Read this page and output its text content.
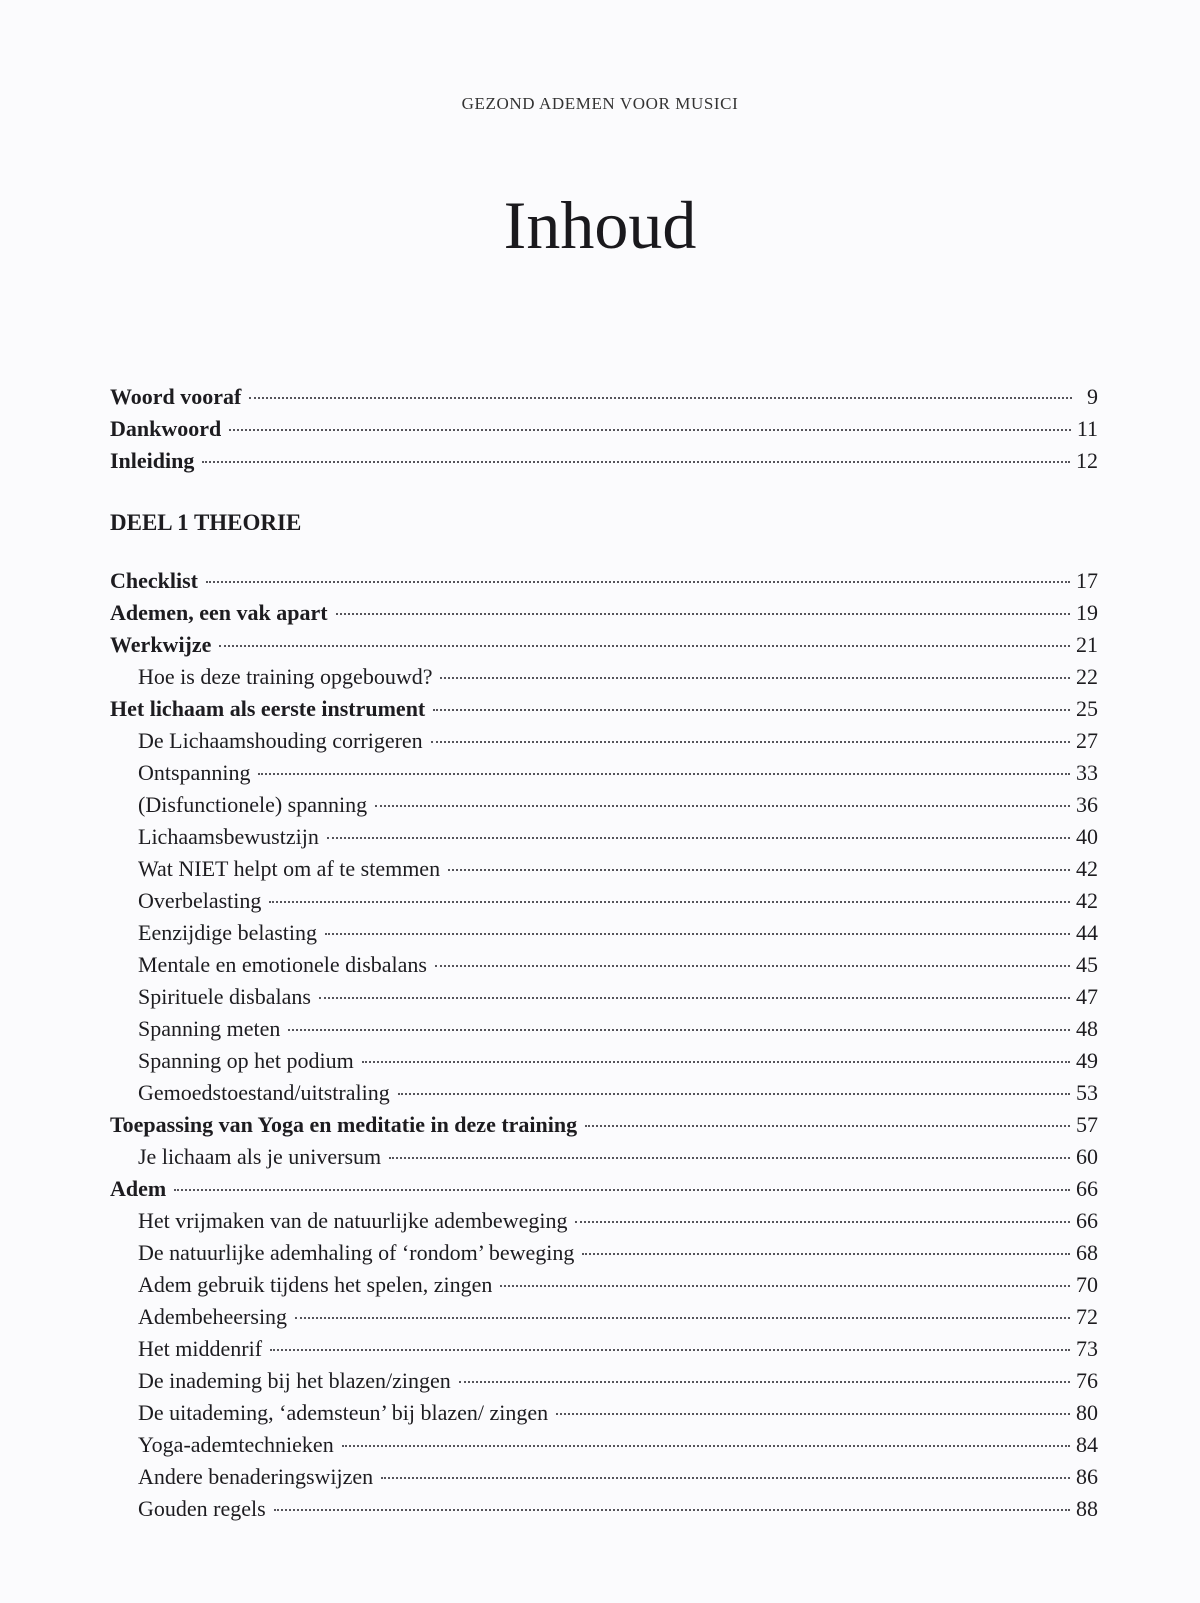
GEZOND ADEMEN VOOR MUSICI
Inhoud
Woord vooraf	9
Dankwoord	11
Inleiding	12
DEEL 1 THEORIE
Checklist	17
Ademen, een vak apart	19
Werkwijze	21
Hoe is deze training opgebouwd?	22
Het lichaam als eerste instrument	25
De Lichaamshouding corrigeren	27
Ontspanning	33
(Disfunctionele) spanning	36
Lichaamsbewustzijn	40
Wat NIET helpt om af te stemmen	42
Overbelasting	42
Eenzijdige belasting	44
Mentale en emotionele disbalans	45
Spirituele disbalans	47
Spanning meten	48
Spanning op het podium	49
Gemoedstoestand/uitstraling	53
Toepassing van Yoga en meditatie in deze training	57
Je lichaam als je universum	60
Adem	66
Het vrijmaken van de natuurlijke adembeweging	66
De natuurlijke ademhaling of ‘rondom’ beweging	68
Adem gebruik tijdens het spelen, zingen	70
Adembeheersing	72
Het middenrif	73
De inademing bij het blazen/zingen	76
De uitademing, ‘ademsteun’ bij blazen/ zingen	80
Yoga-ademtechnieken	84
Andere benaderingswijzen	86
Gouden regels	88
